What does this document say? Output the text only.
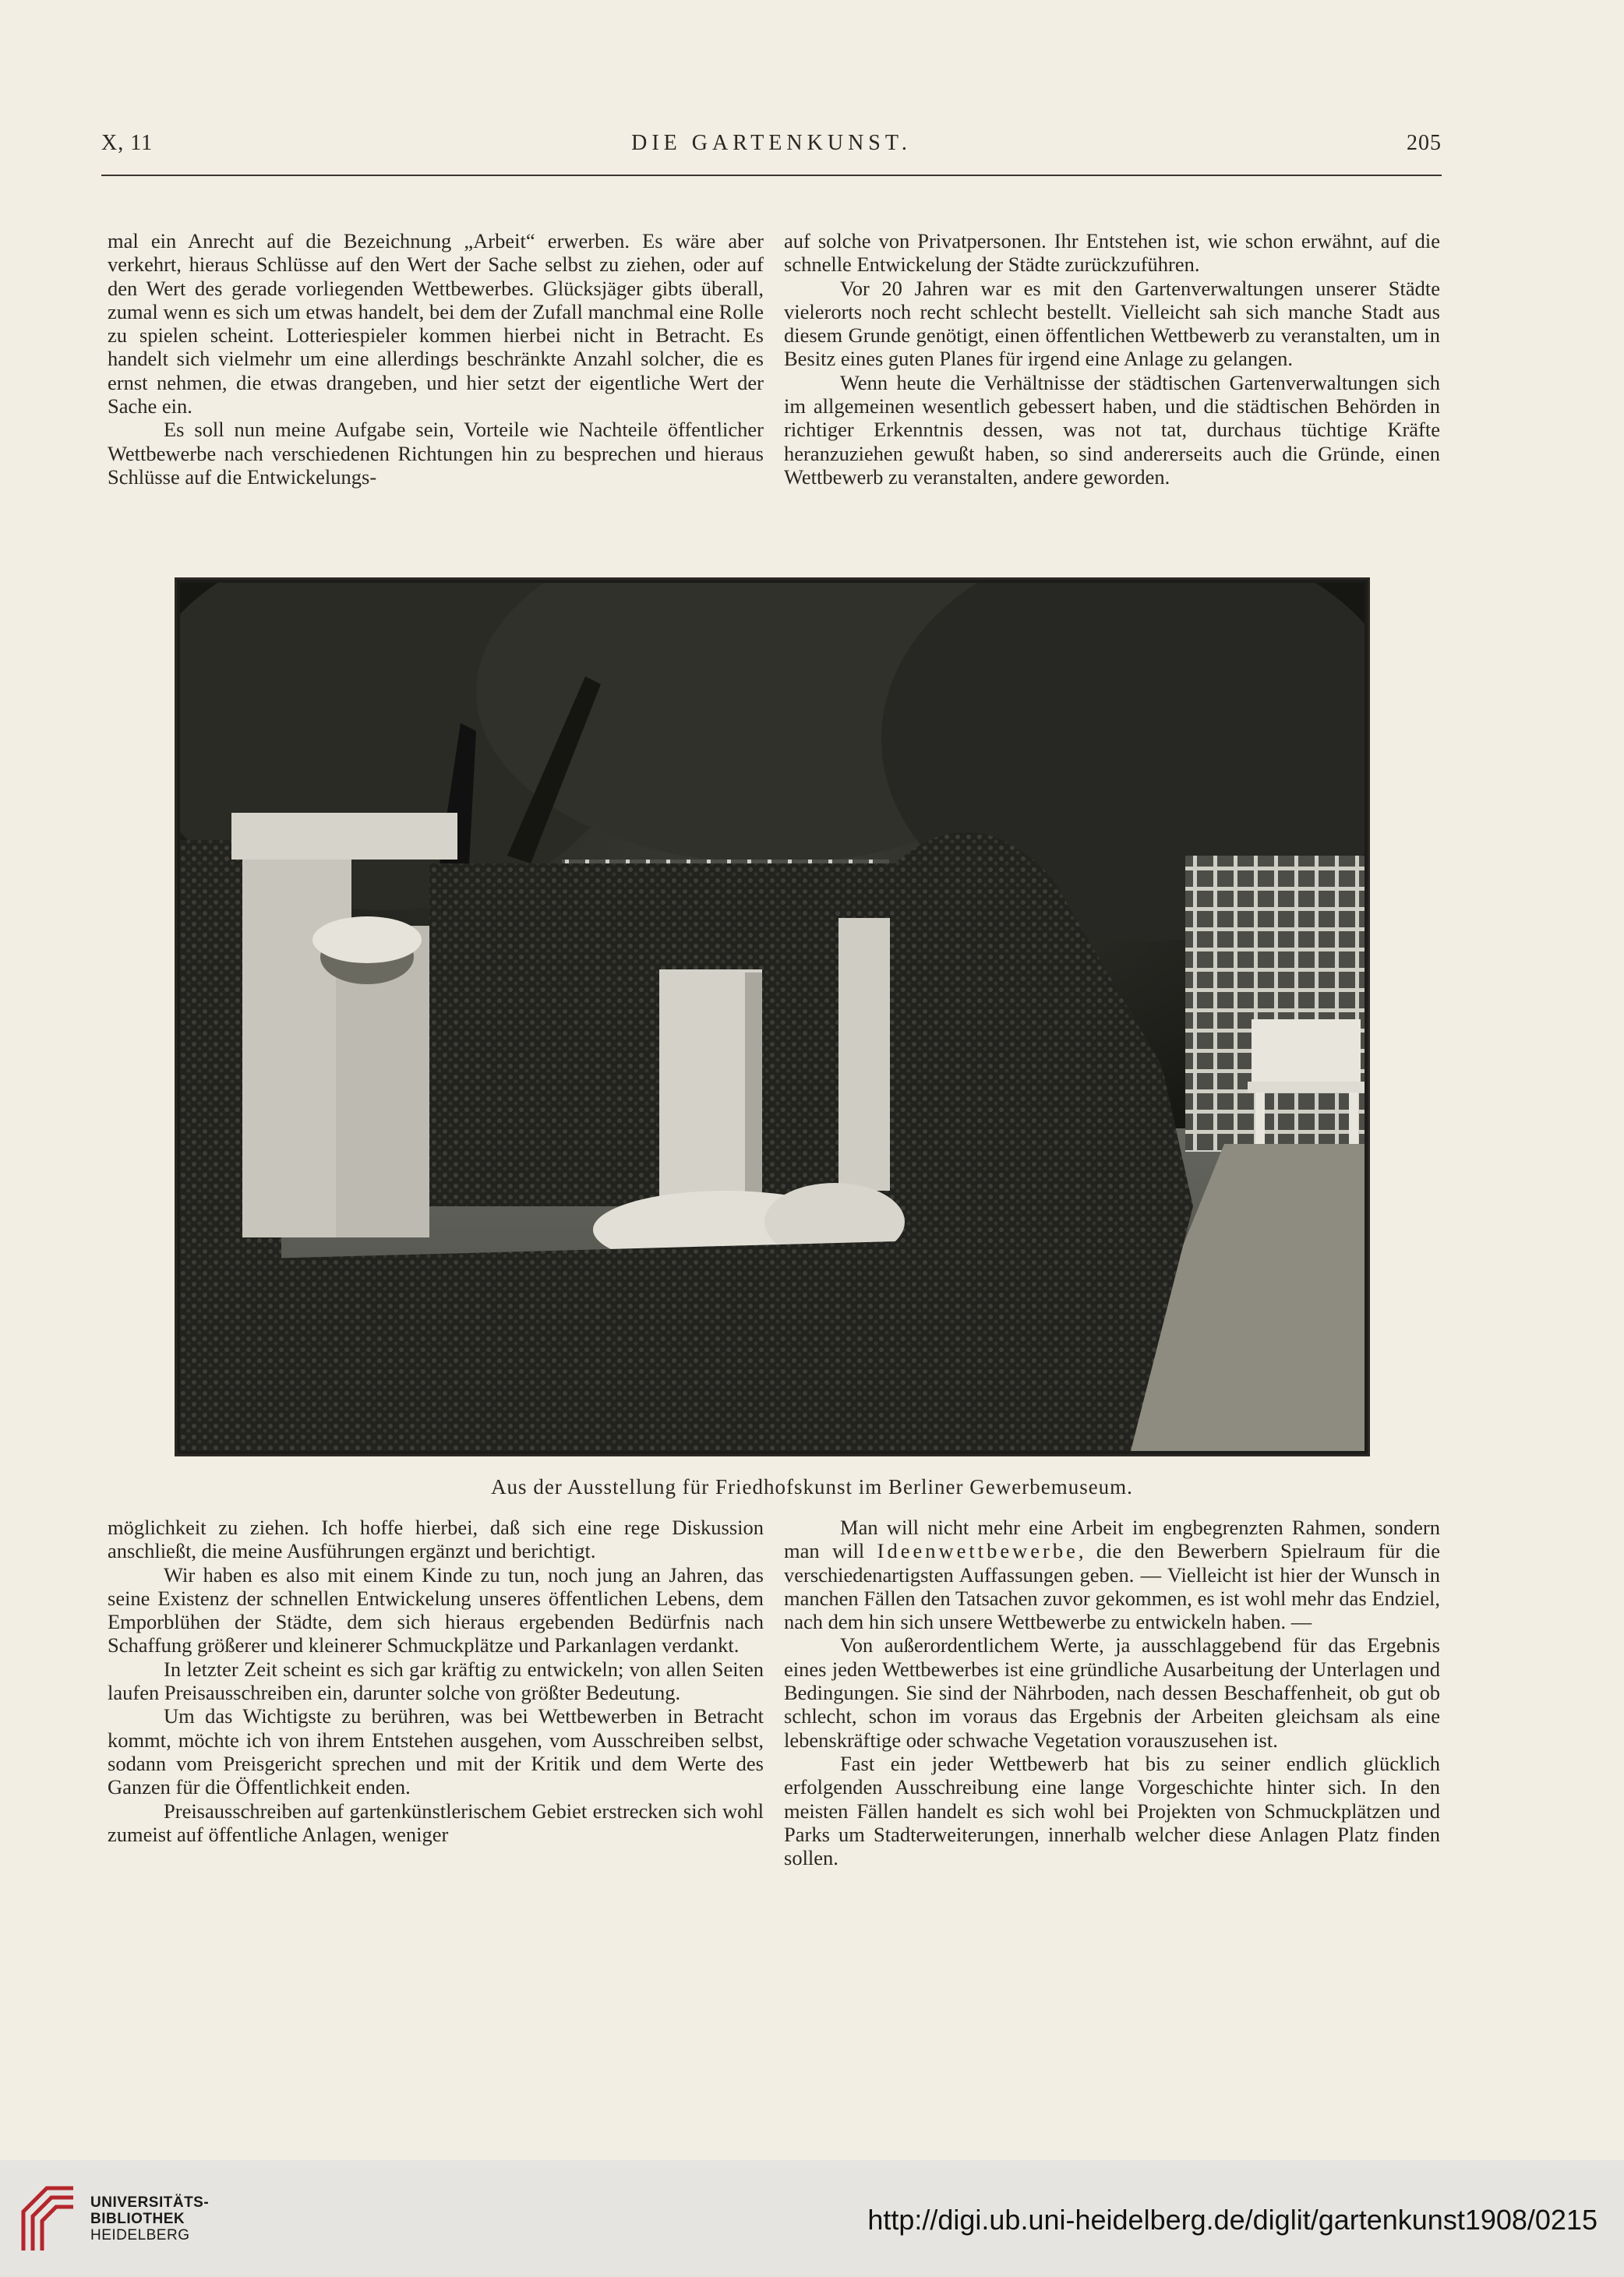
X, 11	DIE GARTENKUNST.	205

mal ein Anrecht auf die Bezeichnung „Arbeit“ erwerben. Es wäre aber verkehrt, hieraus Schlüsse auf den Wert der Sache selbst zu ziehen, oder auf den Wert des gerade vorliegenden Wettbewerbes. Glücksjäger gibts überall, zumal wenn es sich um etwas handelt, bei dem der Zufall manchmal eine Rolle zu spielen scheint. Lotteriespieler kommen hierbei nicht in Betracht. Es handelt sich vielmehr um eine allerdings beschränkte Anzahl solcher, die es ernst nehmen, die etwas drangeben, und hier setzt der eigentliche Wert der Sache ein.

Es soll nun meine Aufgabe sein, Vorteile wie Nachteile öffentlicher Wettbewerbe nach verschiedenen Richtungen hin zu besprechen und hieraus Schlüsse auf die Entwickelungs-

auf solche von Privatpersonen. Ihr Entstehen ist, wie schon erwähnt, auf die schnelle Entwickelung der Städte zurückzuführen.

Vor 20 Jahren war es mit den Gartenverwaltungen unserer Städte vielerorts noch recht schlecht bestellt. Vielleicht sah sich manche Stadt aus diesem Grunde genötigt, einen öffentlichen Wettbewerb zu veranstalten, um in Besitz eines guten Planes für irgend eine Anlage zu gelangen.

Wenn heute die Verhältnisse der städtischen Gartenverwaltungen sich im allgemeinen wesentlich gebessert haben, und die städtischen Behörden in richtiger Erkenntnis dessen, was not tat, durchaus tüchtige Kräfte heranzuziehen gewußt haben, so sind andererseits auch die Gründe, einen Wettbewerb zu veranstalten, andere geworden.

Aus der Ausstellung für Friedhofskunst im Berliner Gewerbemuseum.

möglichkeit zu ziehen. Ich hoffe hierbei, daß sich eine rege Diskussion anschließt, die meine Ausführungen ergänzt und berichtigt.

Wir haben es also mit einem Kinde zu tun, noch jung an Jahren, das seine Existenz der schnellen Entwickelung unseres öffentlichen Lebens, dem Emporblühen der Städte, dem sich hieraus ergebenden Bedürfnis nach Schaffung größerer und kleinerer Schmuckplätze und Parkanlagen verdankt.

In letzter Zeit scheint es sich gar kräftig zu entwickeln; von allen Seiten laufen Preisausschreiben ein, darunter solche von größter Bedeutung.

Um das Wichtigste zu berühren, was bei Wettbewerben in Betracht kommt, möchte ich von ihrem Entstehen ausgehen, vom Ausschreiben selbst, sodann vom Preisgericht sprechen und mit der Kritik und dem Werte des Ganzen für die Öffentlichkeit enden.

Preisausschreiben auf gartenkünstlerischem Gebiet erstrecken sich wohl zumeist auf öffentliche Anlagen, weniger

Man will nicht mehr eine Arbeit im engbegrenzten Rahmen, sondern man will Ideenwettbewerbe, die den Bewerbern Spielraum für die verschiedenartigsten Auffassungen geben. — Vielleicht ist hier der Wunsch in manchen Fällen den Tatsachen zuvor gekommen, es ist wohl mehr das Endziel, nach dem hin sich unsere Wettbewerbe zu entwickeln haben. —

Von außerordentlichem Werte, ja ausschlaggebend für das Ergebnis eines jeden Wettbewerbes ist eine gründliche Ausarbeitung der Unterlagen und Bedingungen. Sie sind der Nährboden, nach dessen Beschaffenheit, ob gut ob schlecht, schon im voraus das Ergebnis der Arbeiten gleichsam als eine lebenskräftige oder schwache Vegetation vorauszusehen ist.

Fast ein jeder Wettbewerb hat bis zu seiner endlich glücklich erfolgenden Ausschreibung eine lange Vorgeschichte hinter sich. In den meisten Fällen handelt es sich wohl bei Projekten von Schmuckplätzen und Parks um Stadterweiterungen, innerhalb welcher diese Anlagen Platz finden sollen.

UNIVERSITÄTS-
BIBLIOTHEK
HEIDELBERG	http://digi.ub.uni-heidelberg.de/diglit/gartenkunst1908/0215
